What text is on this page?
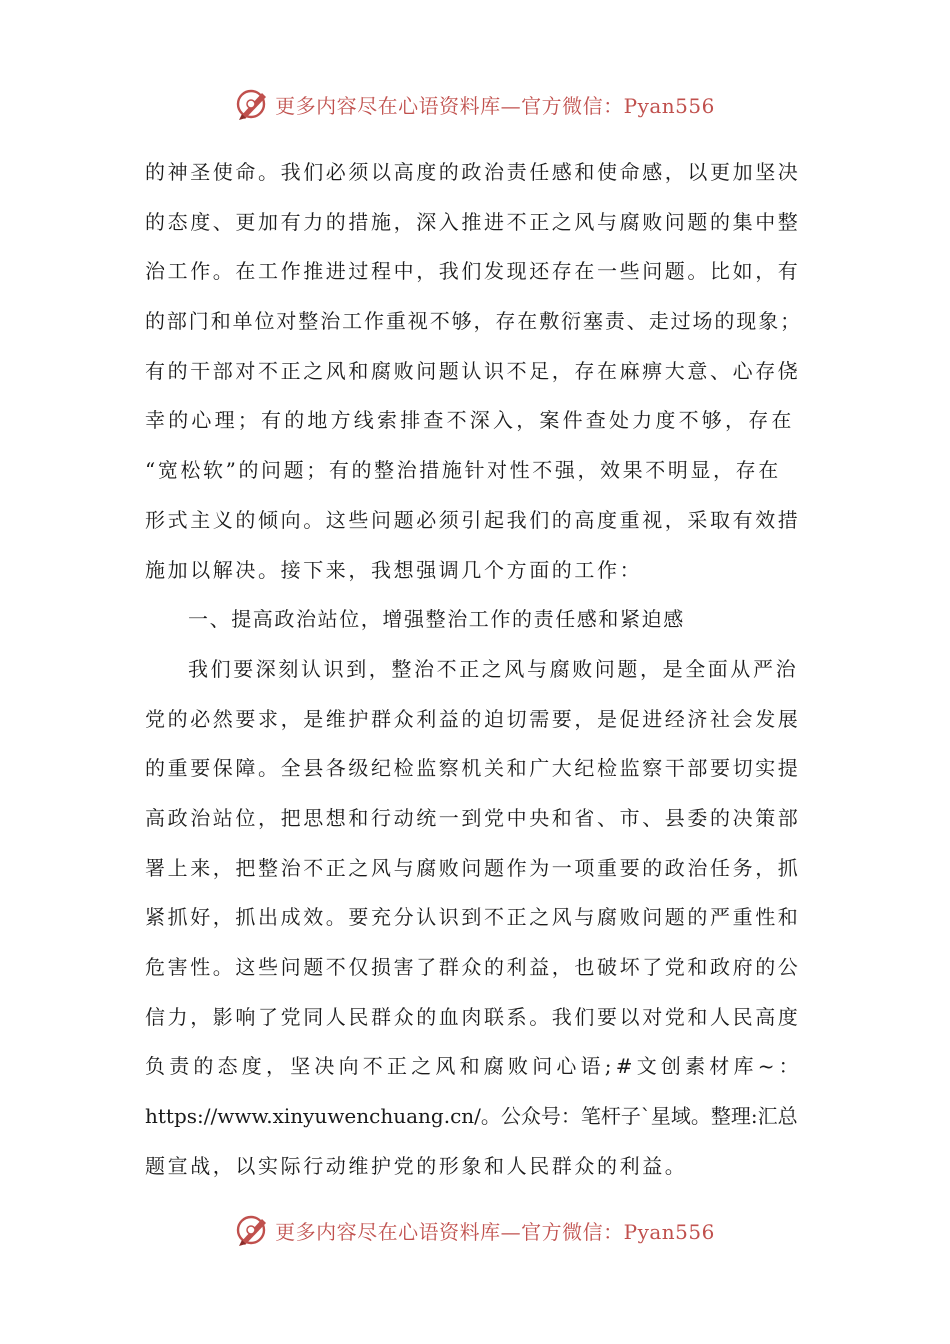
更多内容尽在心语资料库—官方微信：Pyan556
的神圣使命。我们必须以高度的政治责任感和使命感，以更加坚决
的态度、更加有力的措施，深入推进不正之风与腐败问题的集中整
治工作。在工作推进过程中，我们发现还存在一些问题。比如，有
的部门和单位对整治工作重视不够，存在敷衍塞责、走过场的现象；
有的干部对不正之风和腐败问题认识不足，存在麻痹大意、心存侥
幸的心理；有的地方线索排查不深入，案件查处力度不够，存在
“宽松软”的问题；有的整治措施针对性不强，效果不明显，存在
形式主义的倾向。这些问题必须引起我们的高度重视，采取有效措
施加以解决。接下来，我想强调几个方面的工作：
一、提高政治站位，增强整治工作的责任感和紧迫感
我们要深刻认识到，整治不正之风与腐败问题，是全面从严治
党的必然要求，是维护群众利益的迫切需要，是促进经济社会发展
的重要保障。全县各级纪检监察机关和广大纪检监察干部要切实提
高政治站位，把思想和行动统一到党中央和省、市、县委的决策部
署上来，把整治不正之风与腐败问题作为一项重要的政治任务，抓
紧抓好，抓出成效。要充分认识到不正之风与腐败问题的严重性和
危害性。这些问题不仅损害了群众的利益，也破坏了党和政府的公
信力，影响了党同人民群众的血肉联系。我们要以对党和人民高度
负责的态度，坚决向不正之风和腐败问心语;#文创素材库~：
https://www.xinyuwenchuang.cn/。公众号：笔杆子`星域。整理:汇总
题宣战，以实际行动维护党的形象和人民群众的利益。
更多内容尽在心语资料库—官方微信：Pyan556
